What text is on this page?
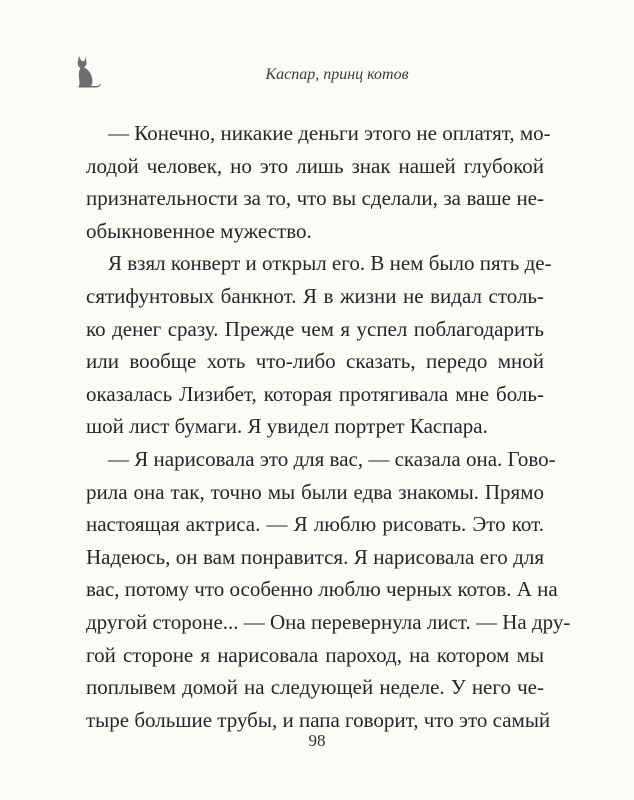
Каспар, принц котов

— Конечно, никакие деньги этого не оплатят, мо-
лодой человек, но это лишь знак нашей глубокой
признательности за то, что вы сделали, за ваше не-
обыкновенное мужество.

Я взял конверт и открыл его. В нем было пять де-
сятифунтовых банкнот. Я в жизни не видал столь-
ко денег сразу. Прежде чем я успел поблагодарить
или вообще хоть что-либо сказать, передо мной
оказалась Лизибет, которая протягивала мне боль-
шой лист бумаги. Я увидел портрет Каспара.

— Я нарисовала это для вас, — сказала она. Гово-
рила она так, точно мы были едва знакомы. Прямо
настоящая актриса. — Я люблю рисовать. Это кот.
Надеюсь, он вам понравится. Я нарисовала его для
вас, потому что особенно люблю черных котов. А на
другой стороне... — Она перевернула лист. — На дру-
гой стороне я нарисовала пароход, на котором мы
поплывем домой на следующей неделе. У него че-
тыре большие трубы, и папа говорит, что это самый

98
